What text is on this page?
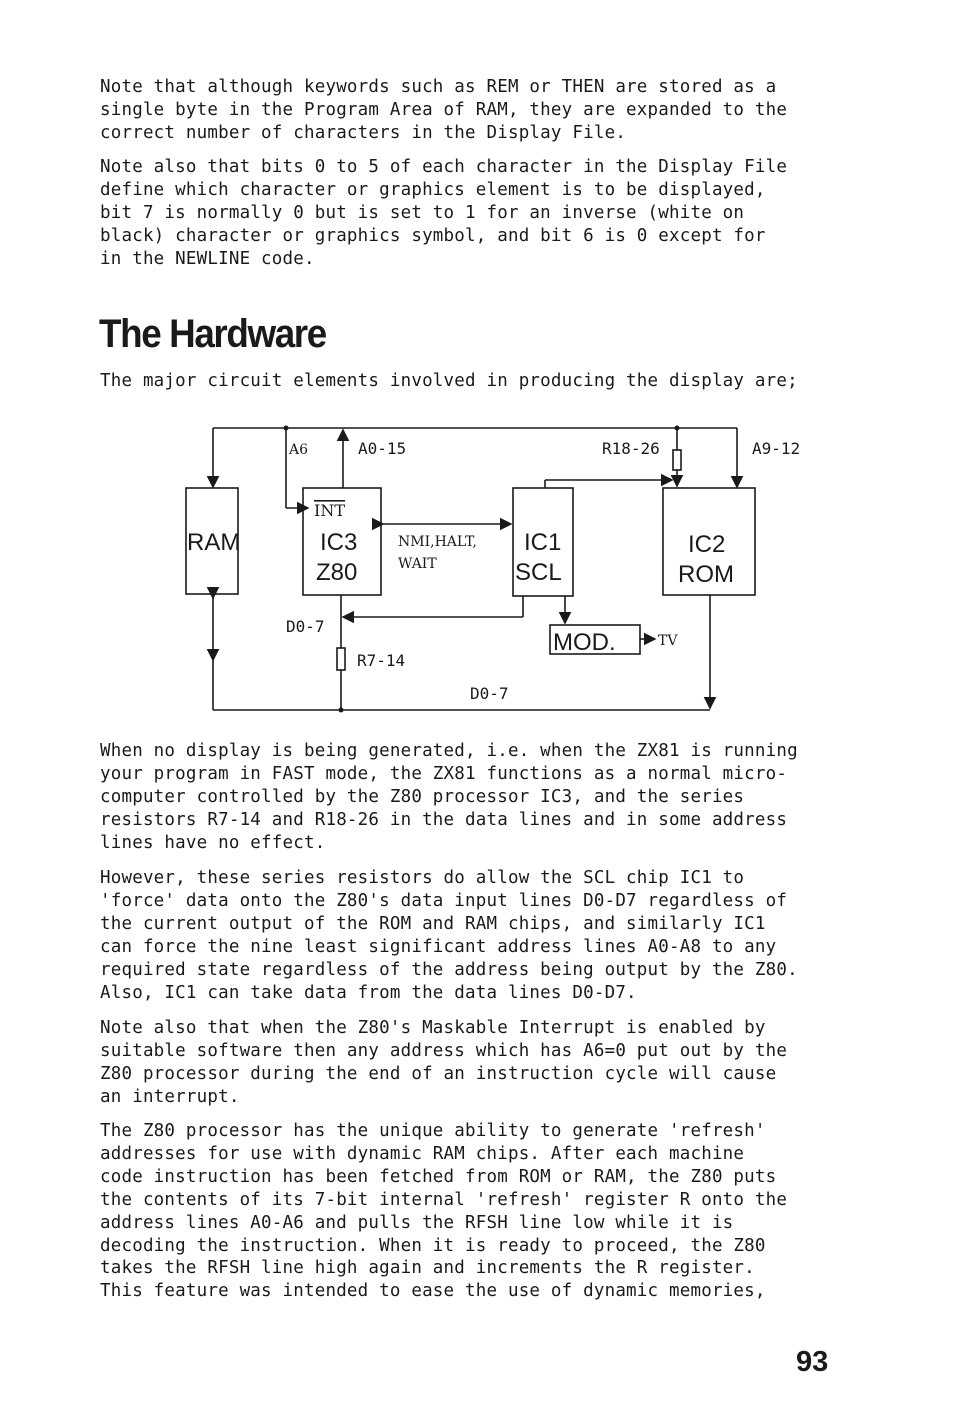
Note that although keywords such as REM or THEN are stored as a
single byte in the Program Area of RAM, they are expanded to the
correct number of characters in the Display File.

Note also that bits 0 to 5 of each character in the Display File
define which character or graphics element is to be displayed,
bit 7 is normally 0 but is set to 1 for an inverse (white on
black) character or graphics symbol, and bit 6 is 0 except for
in the NEWLINE code.

The Hardware

The major circuit elements involved in producing the display are;

RAM
INT
IC3
Z80
IC1
SCL
IC2
ROM
MOD.	TV
A6	A0-15	R18-26	A9-12
NMI,HALT,
WAIT
D0-7
R7-14
D0-7

When no display is being generated, i.e. when the ZX81 is running
your program in FAST mode, the ZX81 functions as a normal micro-
computer controlled by the Z80 processor IC3, and the series
resistors R7-14 and R18-26 in the data lines and in some address
lines have no effect.

However, these series resistors do allow the SCL chip IC1 to
'force' data onto the Z80's data input lines D0-D7 regardless of
the current output of the ROM and RAM chips, and similarly IC1
can force the nine least significant address lines A0-A8 to any
required state regardless of the address being output by the Z80.
Also, IC1 can take data from the data lines D0-D7.

Note also that when the Z80's Maskable Interrupt is enabled by
suitable software then any address which has A6=0 put out by the
Z80 processor during the end of an instruction cycle will cause
an interrupt.

The Z80 processor has the unique ability to generate 'refresh'
addresses for use with dynamic RAM chips. After each machine
code instruction has been fetched from ROM or RAM, the Z80 puts
the contents of its 7-bit internal 'refresh' register R onto the
address lines A0-A6 and pulls the RFSH line low while it is
decoding the instruction. When it is ready to proceed, the Z80
takes the RFSH line high again and increments the R register.
This feature was intended to ease the use of dynamic memories,

93
